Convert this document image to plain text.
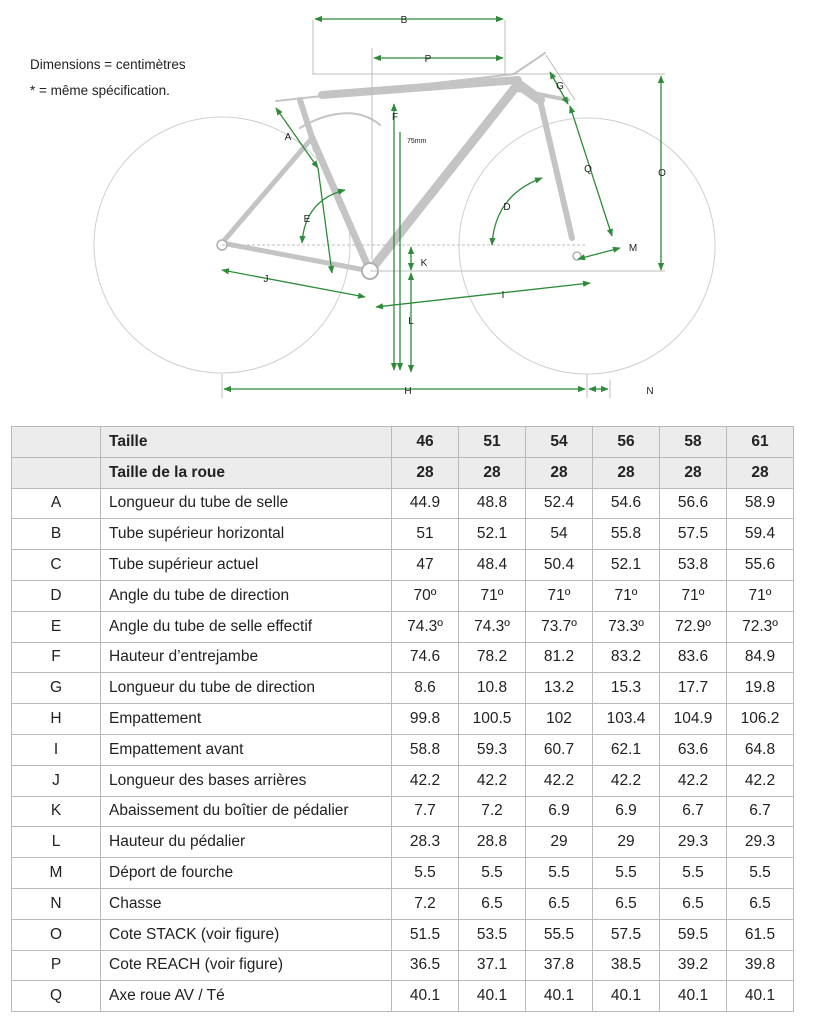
Dimensions = centimètres
* = même spécification.
B
P
A
E
F
75mm
G
Q	O
D
M
K
J
I
L
H	N
	Taille	46	51	54	56	58	61
	Taille de la roue	28	28	28	28	28	28
A	Longueur du tube de selle	44.9	48.8	52.4	54.6	56.6	58.9
B	Tube supérieur horizontal	51	52.1	54	55.8	57.5	59.4
C	Tube supérieur actuel	47	48.4	50.4	52.1	53.8	55.6
D	Angle du tube de direction	70º	71º	71º	71º	71º	71º
E	Angle du tube de selle effectif	74.3º	74.3º	73.7º	73.3º	72.9º	72.3º
F	Hauteur d’entrejambe	74.6	78.2	81.2	83.2	83.6	84.9
G	Longueur du tube de direction	8.6	10.8	13.2	15.3	17.7	19.8
H	Empattement	99.8	100.5	102	103.4	104.9	106.2
I	Empattement avant	58.8	59.3	60.7	62.1	63.6	64.8
J	Longueur des bases arrières	42.2	42.2	42.2	42.2	42.2	42.2
K	Abaissement du boîtier de pédalier	7.7	7.2	6.9	6.9	6.7	6.7
L	Hauteur du pédalier	28.3	28.8	29	29	29.3	29.3
M	Déport de fourche	5.5	5.5	5.5	5.5	5.5	5.5
N	Chasse	7.2	6.5	6.5	6.5	6.5	6.5
O	Cote STACK (voir figure)	51.5	53.5	55.5	57.5	59.5	61.5
P	Cote REACH (voir figure)	36.5	37.1	37.8	38.5	39.2	39.8
Q	Axe roue AV / Té	40.1	40.1	40.1	40.1	40.1	40.1
